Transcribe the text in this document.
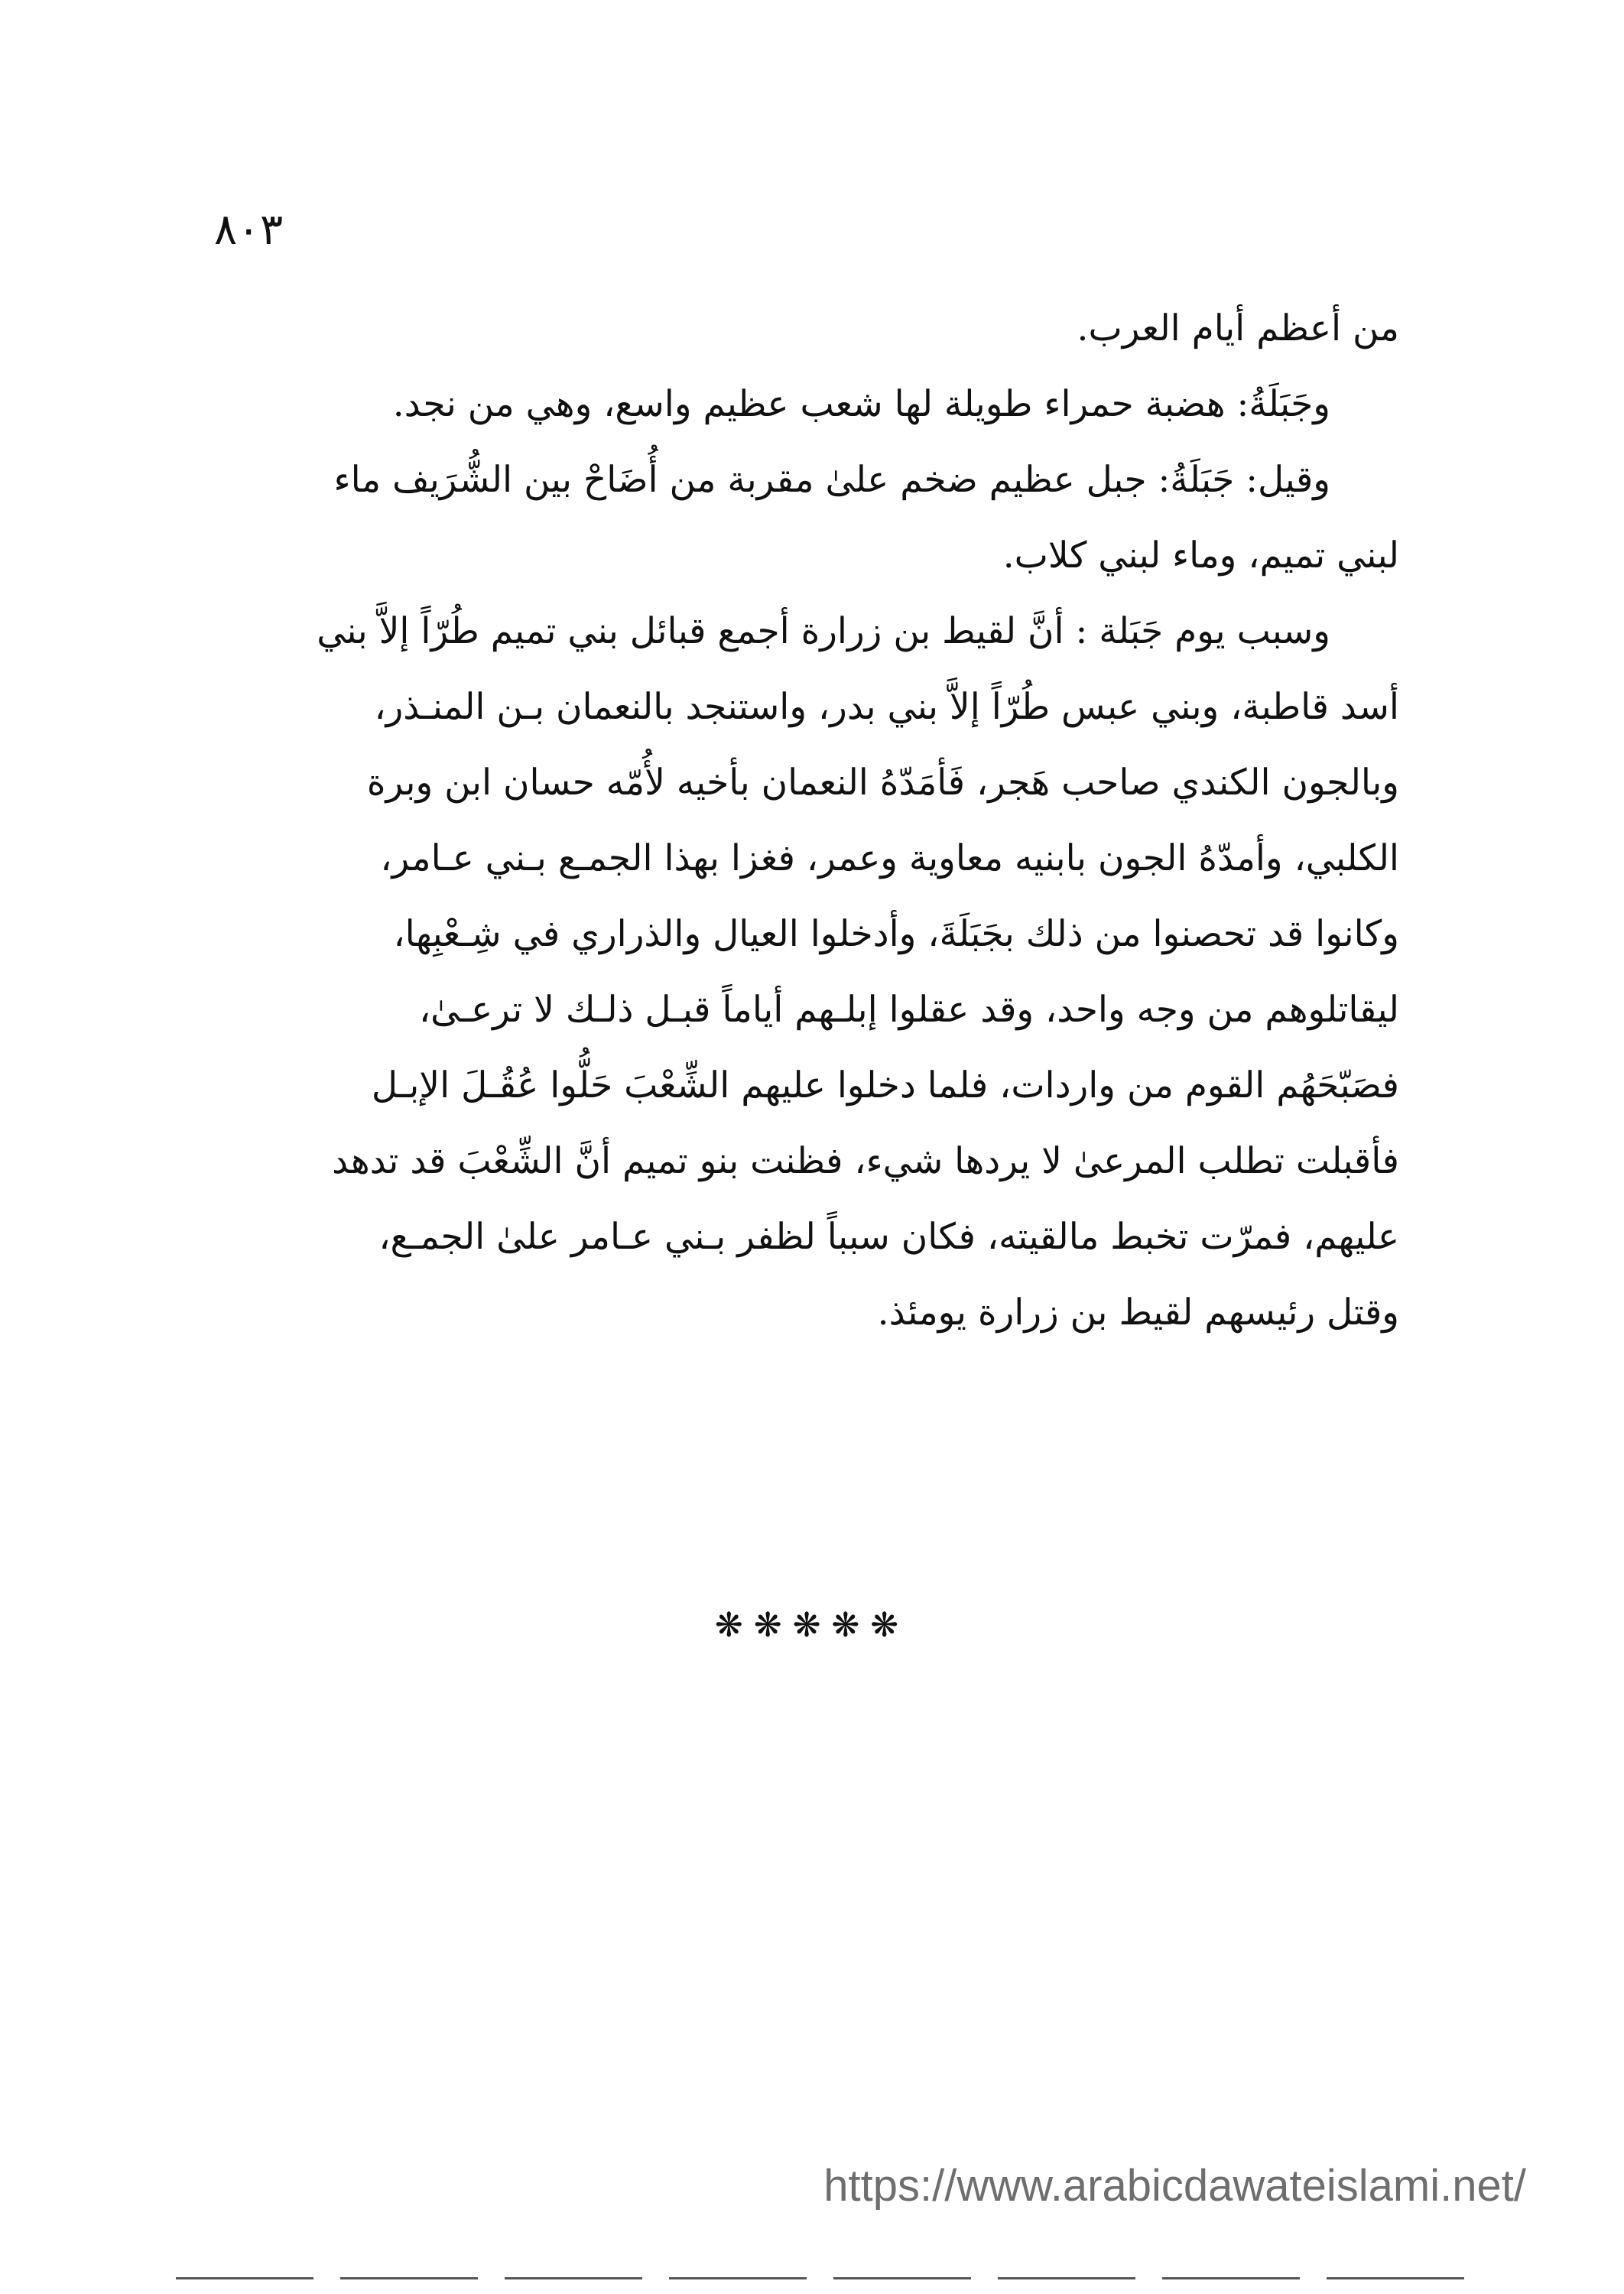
٨٠٣
من أعظم أيام العرب.
وجَبَلَةُ: هضبة حمراء طويلة لها شعب عظيم واسع، وهي من نجد.
وقيل: جَبَلَةُ: جبل عظيم ضخم علىٰ مقربة من أُضَاحْ بين الشُّرَيف ماء
لبني تميم، وماء لبني كلاب.
وسبب يوم جَبَلة : أنَّ لقيط بن زرارة أجمع قبائل بني تميم طُرّاً إلاَّ بني
أسد قاطبة، وبني عبس طُرّاً إلاَّ بني بدر، واستنجد بالنعمان بـن المنـذر،
وبالجون الكندي صاحب هَجر، فَأمَدّهُ النعمان بأخيه لأُمّه حسان ابن وبرة
الكلبي، وأمدّهُ الجون بابنيه معاوية وعمر، فغزا بهذا الجمـع بـني عـامر،
وكانوا قد تحصنوا من ذلك بجَبَلَةَ، وأدخلوا العيال والذراري في شِـعْبِها،
ليقاتلوهم من وجه واحد، وقد عقلوا إبلـهم أياماً قبـل ذلـك لا ترعـىٰ،
فصَبّحَهُم القوم من واردات، فلما دخلوا عليهم الشِّعْبَ حَلُّوا عُقُـلَ الإبـل
فأقبلت تطلب المرعىٰ لا يردها شيء، فظنت بنو تميم أنَّ الشِّعْبَ قد تدهد
عليهم، فمرّت تخبط مالقيته، فكان سبباً لظفر بـني عـامر علىٰ الجمـع،
وقتل رئيسهم لقيط بن زرارة يومئذ.
❋❋❋❋❋
https://www.arabicdawateislami.net/
